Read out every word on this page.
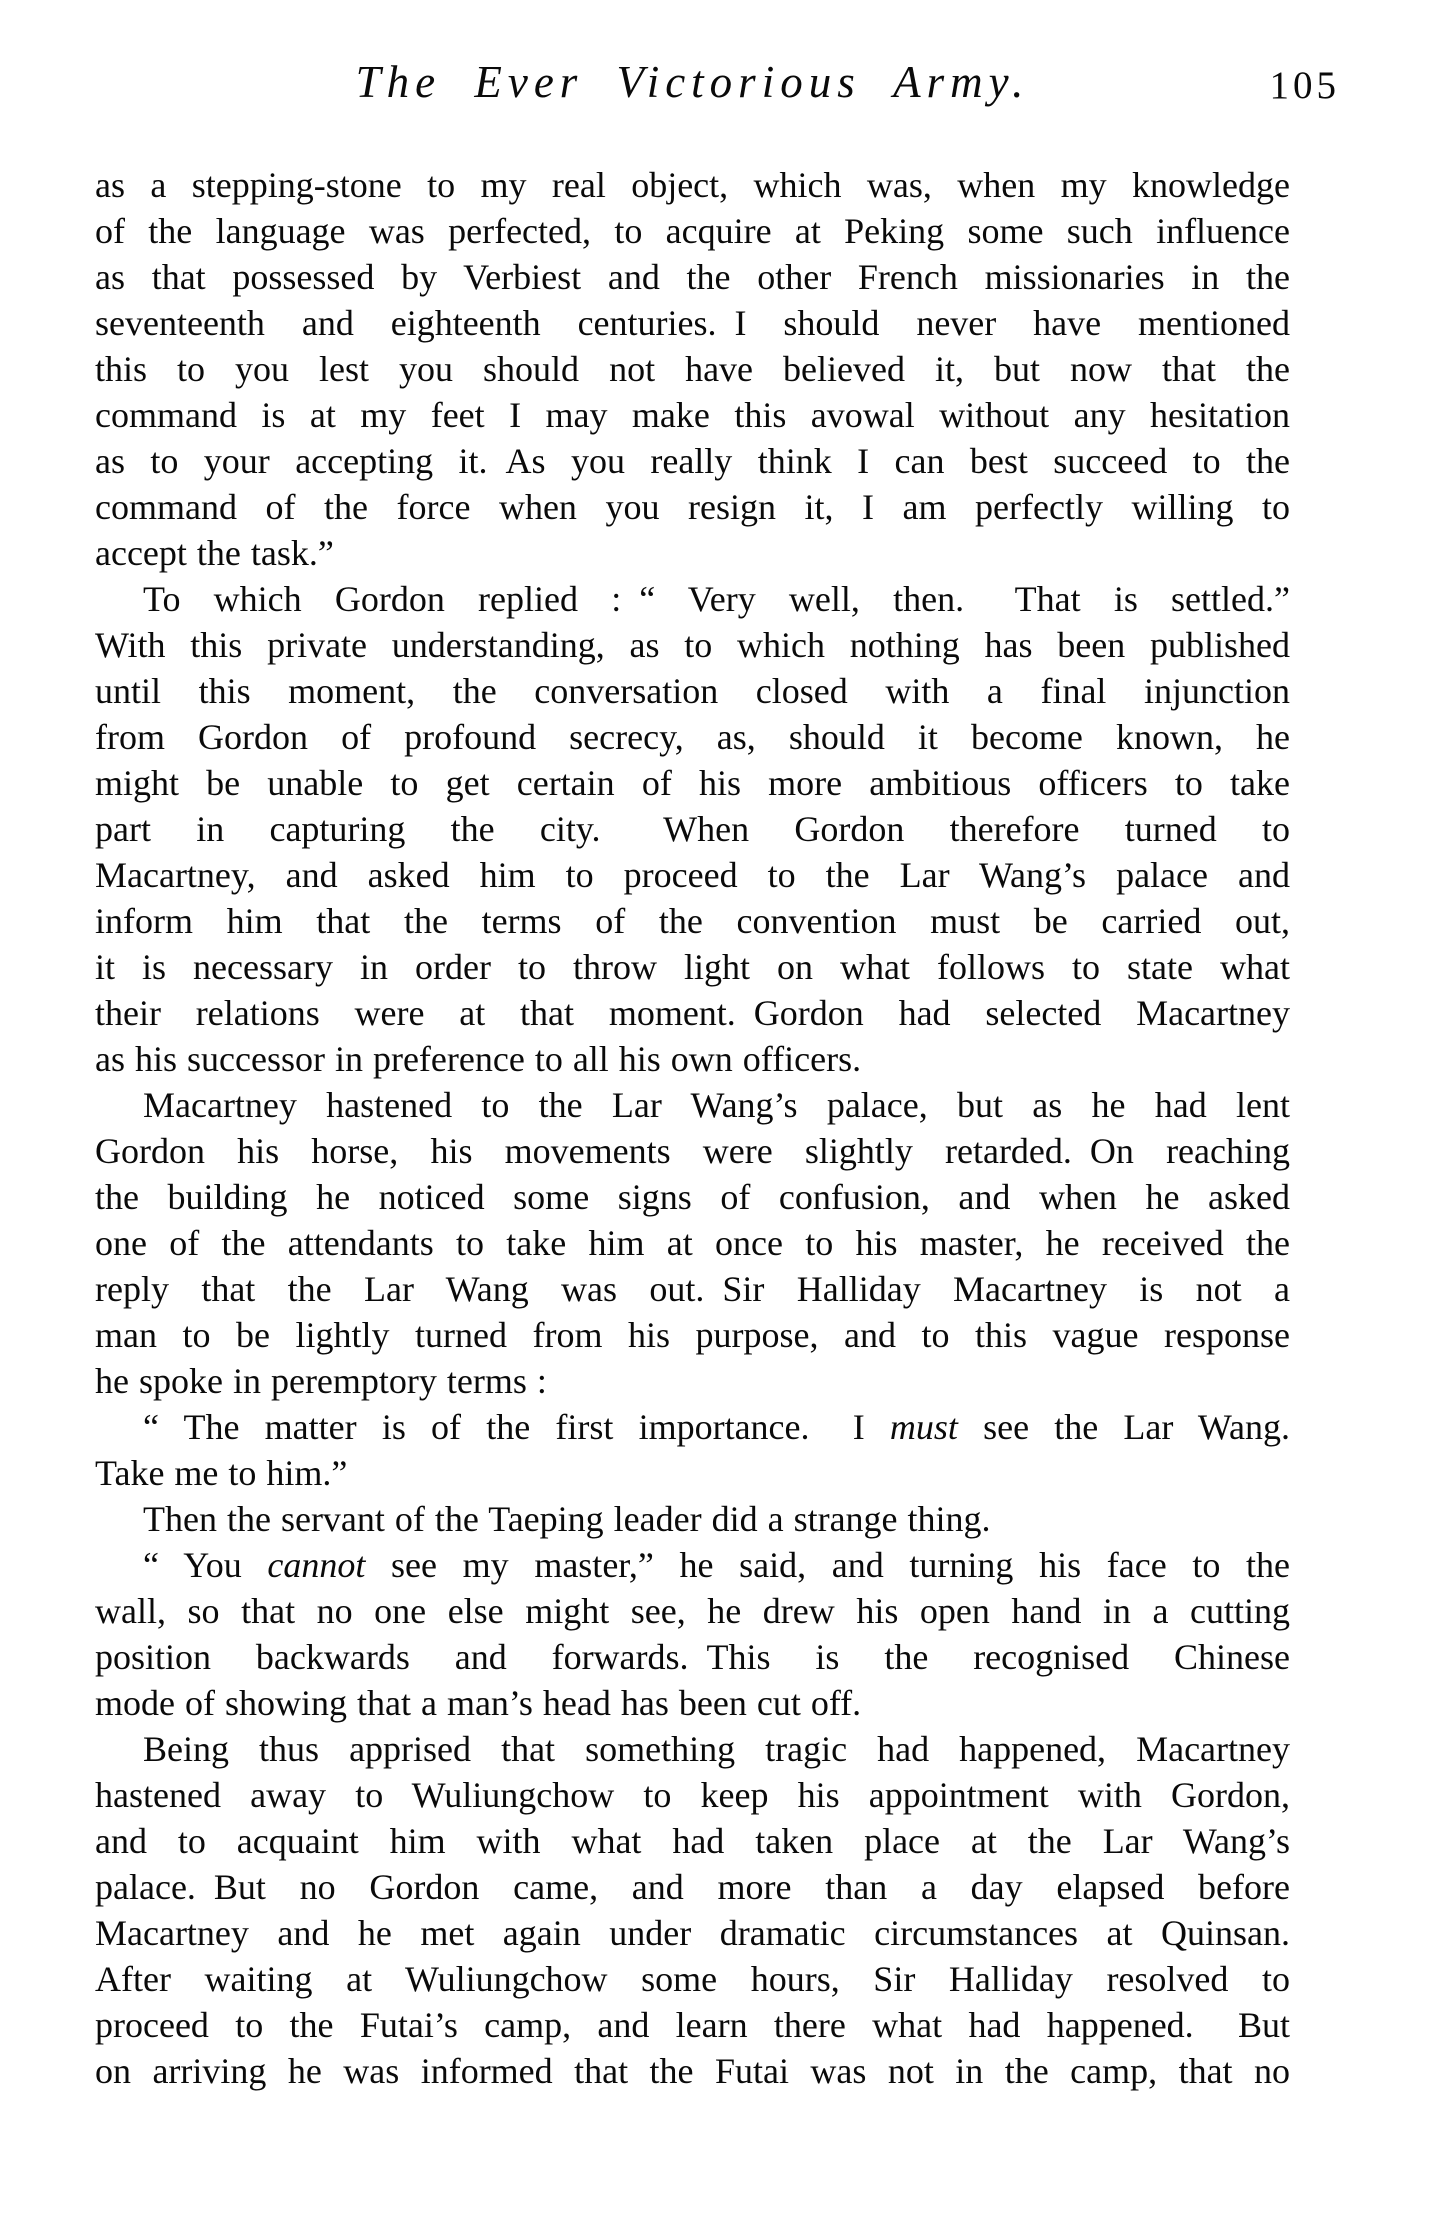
The Ever Victorious Army.	105
as a stepping-stone to my real object, which was, when my knowledge
of the language was perfected, to acquire at Peking some such influence
as that possessed by Verbiest and the other French missionaries in the
seventeenth and eighteenth centuries. I should never have mentioned
this to you lest you should not have believed it, but now that the
command is at my feet I may make this avowal without any hesitation
as to your accepting it. As you really think I can best succeed to the
command of the force when you resign it, I am perfectly willing to
accept the task.”
To which Gordon replied : “ Very well, then.  That is settled.”
With this private understanding, as to which nothing has been published
until this moment, the conversation closed with a final injunction
from Gordon of profound secrecy, as, should it become known, he
might be unable to get certain of his more ambitious officers to take
part in capturing the city.  When Gordon therefore turned to
Macartney, and asked him to proceed to the Lar Wang’s palace and
inform him that the terms of the convention must be carried out,
it is necessary in order to throw light on what follows to state what
their relations were at that moment. Gordon had selected Macartney
as his successor in preference to all his own officers.
Macartney hastened to the Lar Wang’s palace, but as he had lent
Gordon his horse, his movements were slightly retarded. On reaching
the building he noticed some signs of confusion, and when he asked
one of the attendants to take him at once to his master, he received the
reply that the Lar Wang was out. Sir Halliday Macartney is not a
man to be lightly turned from his purpose, and to this vague response
he spoke in peremptory terms :
“ The matter is of the first importance.  I must see the Lar Wang.
Take me to him.”
Then the servant of the Taeping leader did a strange thing.
“ You cannot see my master,” he said, and turning his face to the
wall, so that no one else might see, he drew his open hand in a cutting
position backwards and forwards. This is the recognised Chinese
mode of showing that a man’s head has been cut off.
Being thus apprised that something tragic had happened, Macartney
hastened away to Wuliungchow to keep his appointment with Gordon,
and to acquaint him with what had taken place at the Lar Wang’s
palace. But no Gordon came, and more than a day elapsed before
Macartney and he met again under dramatic circumstances at Quinsan.
After waiting at Wuliungchow some hours, Sir Halliday resolved to
proceed to the Futai’s camp, and learn there what had happened.  But
on arriving he was informed that the Futai was not in the camp, that no
